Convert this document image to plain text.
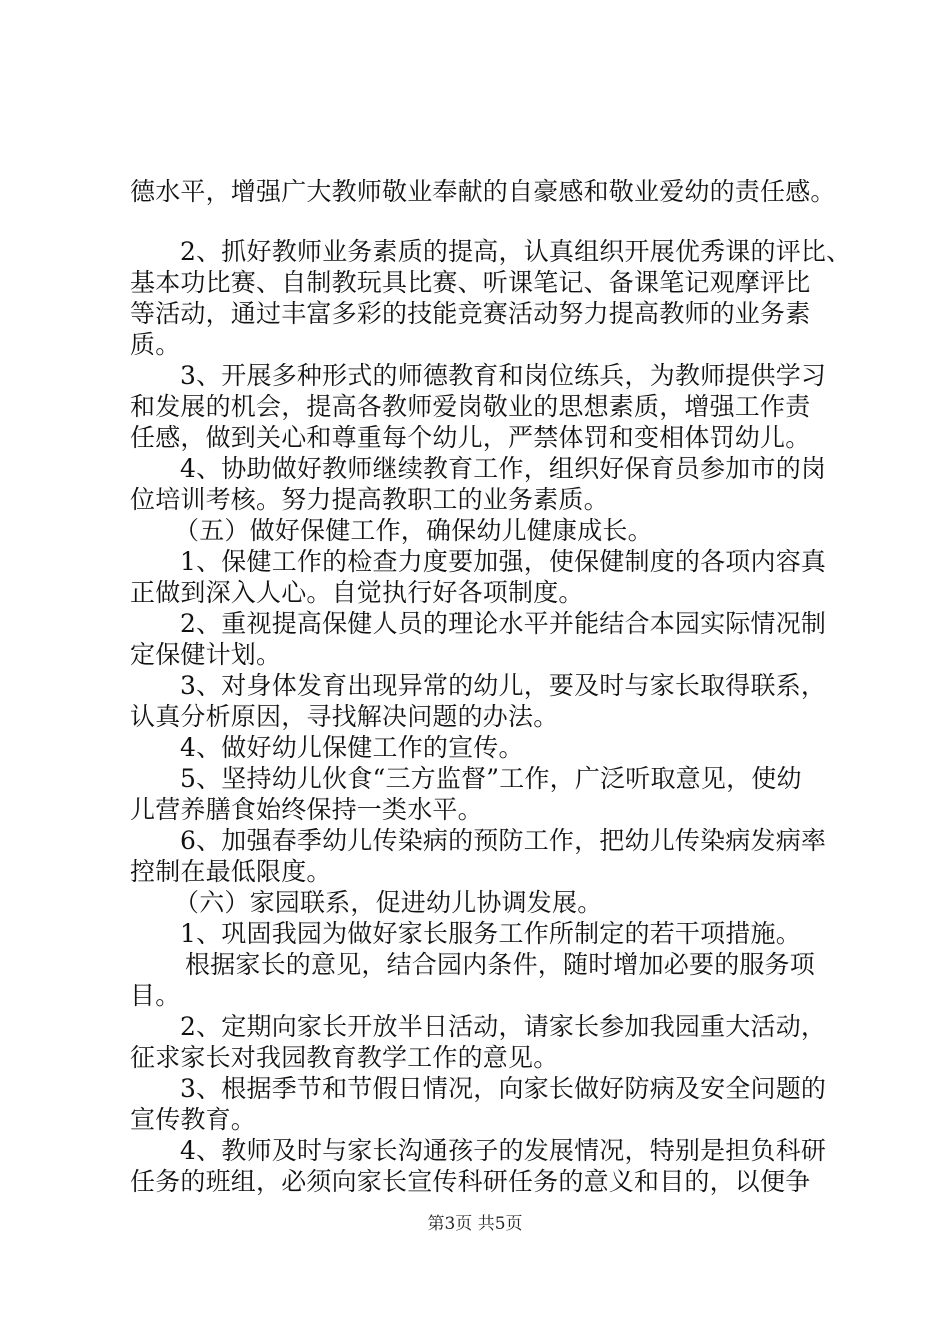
德水平，增强广大教师敬业奉献的自豪感和敬业爱幼的责任感。
2、抓好教师业务素质的提高，认真组织开展优秀课的评比、
基本功比赛、自制教玩具比赛、听课笔记、备课笔记观摩评比
等活动，通过丰富多彩的技能竞赛活动努力提高教师的业务素
质。
3、开展多种形式的师德教育和岗位练兵，为教师提供学习
和发展的机会，提高各教师爱岗敬业的思想素质，增强工作责
任感，做到关心和尊重每个幼儿，严禁体罚和变相体罚幼儿。
4、协助做好教师继续教育工作，组织好保育员参加市的岗
位培训考核。努力提高教职工的业务素质。
（五）做好保健工作，确保幼儿健康成长。
1、保健工作的检查力度要加强，使保健制度的各项内容真
正做到深入人心。自觉执行好各项制度。
2、重视提高保健人员的理论水平并能结合本园实际情况制
定保健计划。
3、对身体发育出现异常的幼儿，要及时与家长取得联系，
认真分析原因，寻找解决问题的办法。
4、做好幼儿保健工作的宣传。
5、坚持幼儿伙食“三方监督”工作，广泛听取意见，使幼
儿营养膳食始终保持一类水平。
6、加强春季幼儿传染病的预防工作，把幼儿传染病发病率
控制在最低限度。
（六）家园联系，促进幼儿协调发展。
1、巩固我园为做好家长服务工作所制定的若干项措施。
根据家长的意见，结合园内条件，随时增加必要的服务项
目。
2、定期向家长开放半日活动，请家长参加我园重大活动，
征求家长对我园教育教学工作的意见。
3、根据季节和节假日情况，向家长做好防病及安全问题的
宣传教育。
4、教师及时与家长沟通孩子的发展情况，特别是担负科研
任务的班组，必须向家长宣传科研任务的意义和目的，以便争
第3页 共5页
